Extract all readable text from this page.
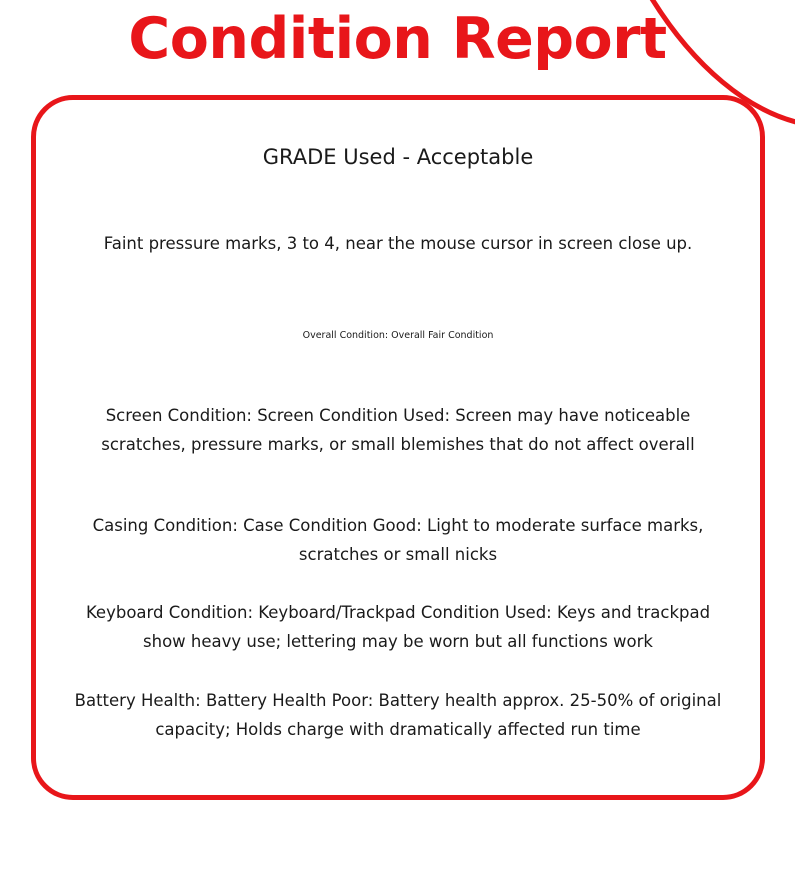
Condition Report
GRADE Used - Acceptable
Faint pressure marks, 3 to 4, near the mouse cursor in screen close up.
Overall Condition: Overall Fair Condition
Screen Condition: Screen Condition Used: Screen may have noticeable scratches, pressure marks, or small blemishes that do not affect overall
Casing Condition: Case Condition Good: Light to moderate surface marks, scratches or small nicks
Keyboard Condition: Keyboard/Trackpad Condition Used: Keys and trackpad show heavy use; lettering may be worn but all functions work
Battery Health: Battery Health Poor: Battery health approx. 25-50% of original capacity; Holds charge with dramatically affected run time
